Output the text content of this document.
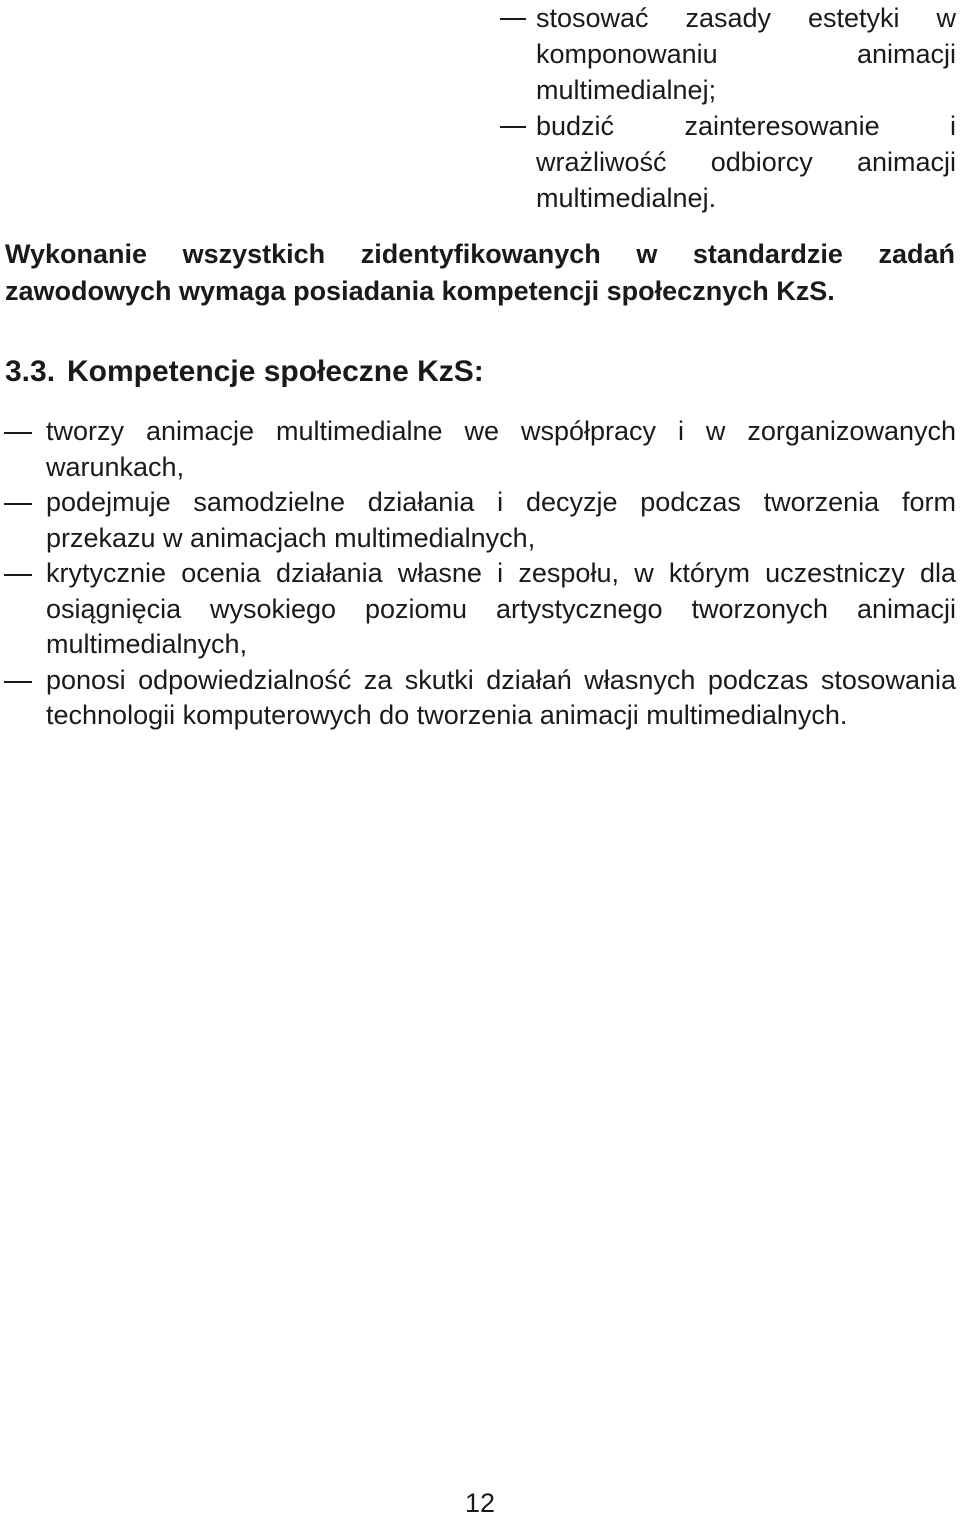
stosować zasady estetyki w komponowaniu animacji multimedialnej;
budzić zainteresowanie i wrażliwość odbiorcy animacji multimedialnej.

Wykonanie wszystkich zidentyfikowanych w standardzie zadań zawodowych wymaga posiadania kompetencji społecznych KzS.

3.3. Kompetencje społeczne KzS:
tworzy animacje multimedialne we współpracy i w zorganizowanych warunkach,
podejmuje samodzielne działania i decyzje podczas tworzenia form przekazu w animacjach multimedialnych,
krytycznie ocenia działania własne i zespołu, w którym uczestniczy dla osiągnięcia wysokiego poziomu artystycznego tworzonych animacji multimedialnych,
ponosi odpowiedzialność za skutki działań własnych podczas stosowania technologii komputerowych do tworzenia animacji multimedialnych.
12
